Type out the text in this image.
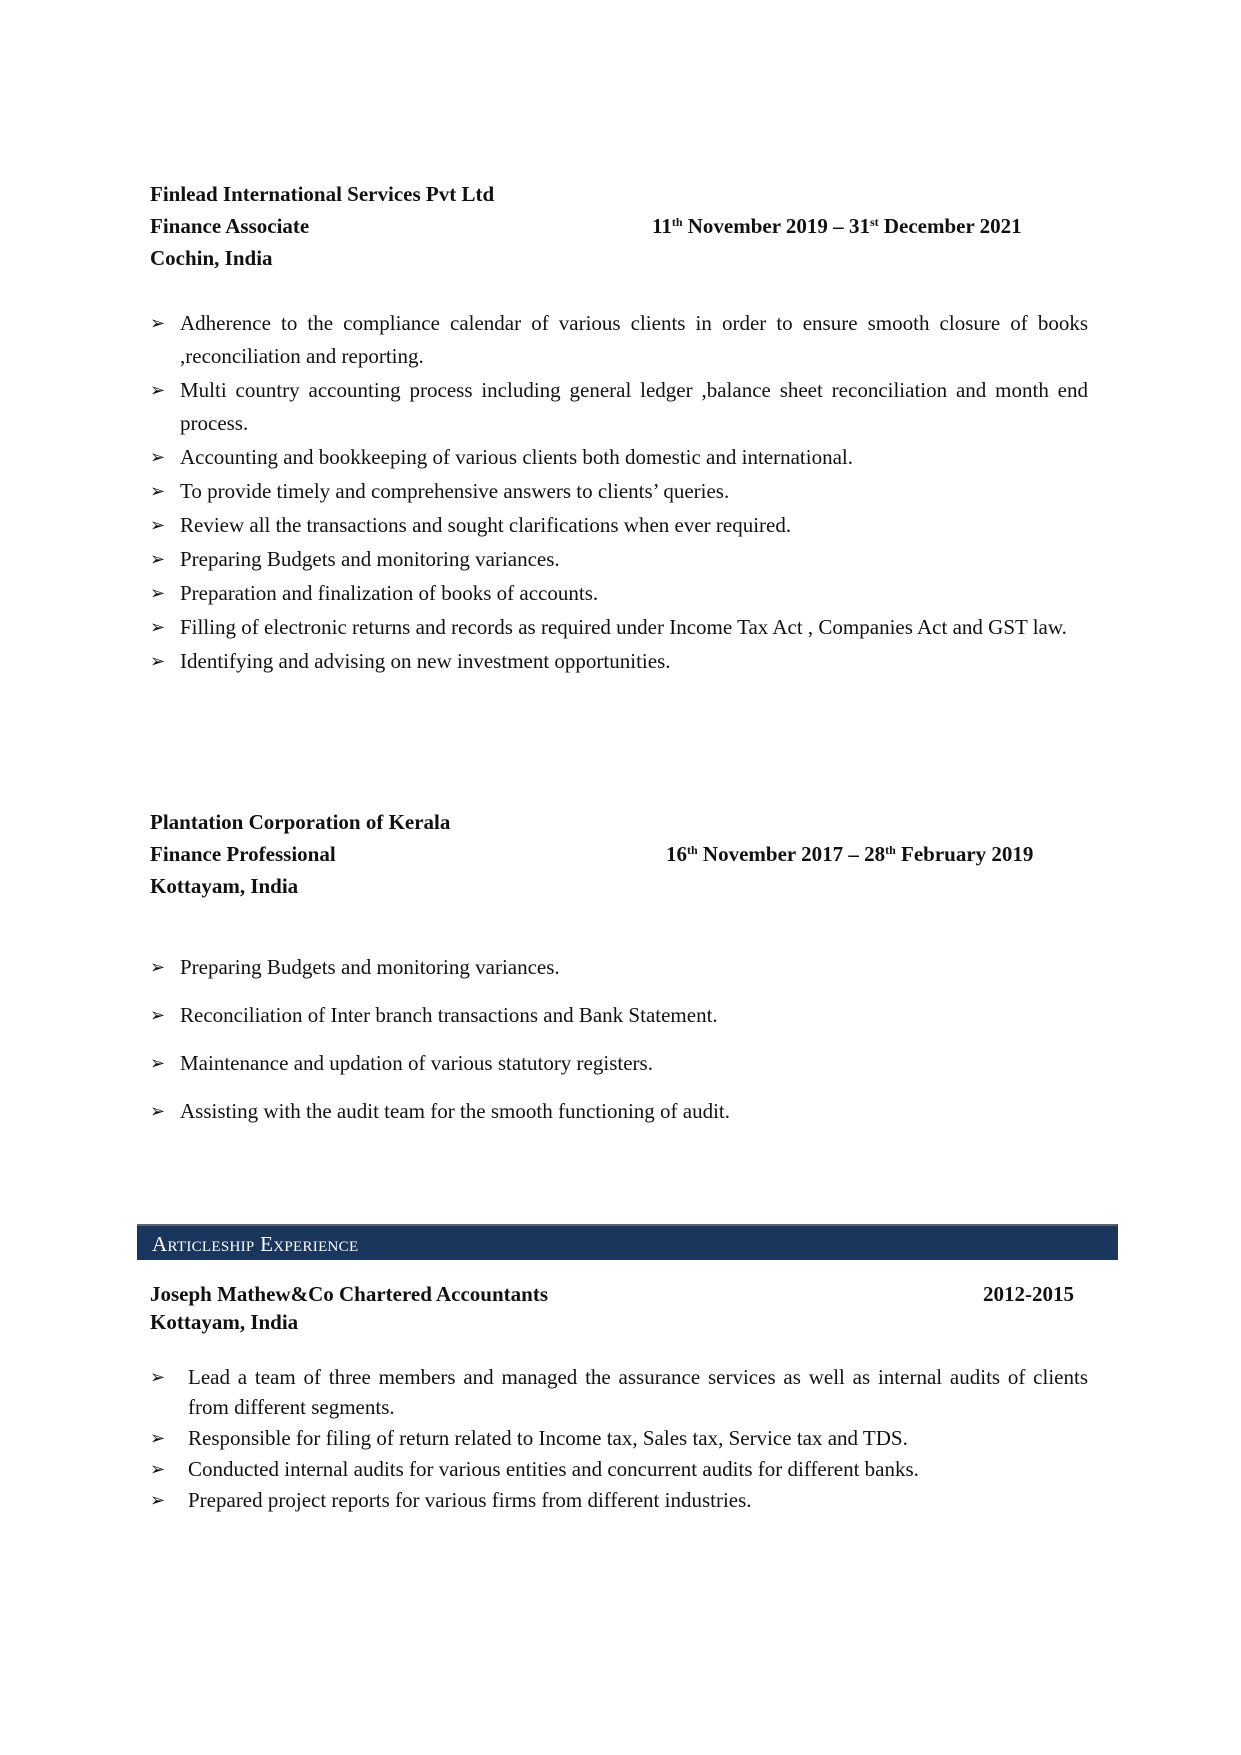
Finlead International Services Pvt Ltd
Finance Associate
Cochin, India
11th November 2019 – 31st December 2021
➢ Adherence to the compliance calendar of various clients in order to ensure smooth closure of books ,reconciliation and reporting.
➢ Multi country accounting process including general ledger ,balance sheet reconciliation and month end process.
➢ Accounting and bookkeeping of various clients both domestic and international.
➢ To provide timely and comprehensive answers to clients’ queries.
➢ Review all the transactions and sought clarifications when ever required.
➢ Preparing Budgets and monitoring variances.
➢ Preparation and finalization of books of accounts.
➢ Filling of electronic returns and records as required under Income Tax Act , Companies Act and GST law.
➢ Identifying and advising on new investment opportunities.
Plantation Corporation of Kerala
Finance Professional
Kottayam, India
16th November 2017 – 28th February 2019
➢ Preparing Budgets and monitoring variances.
➢ Reconciliation of Inter branch transactions and Bank Statement.
➢ Maintenance and updation of various statutory registers.
➢ Assisting with the audit team for the smooth functioning of audit.
Articleship Experience
Joseph Mathew&Co Chartered Accountants
Kottayam, India
2012-2015
➢ Lead a team of three members and managed the assurance services as well as internal audits of clients from different segments.
➢ Responsible for filing of return related to Income tax, Sales tax, Service tax and TDS.
➢ Conducted internal audits for various entities and concurrent audits for different banks.
➢ Prepared project reports for various firms from different industries.
